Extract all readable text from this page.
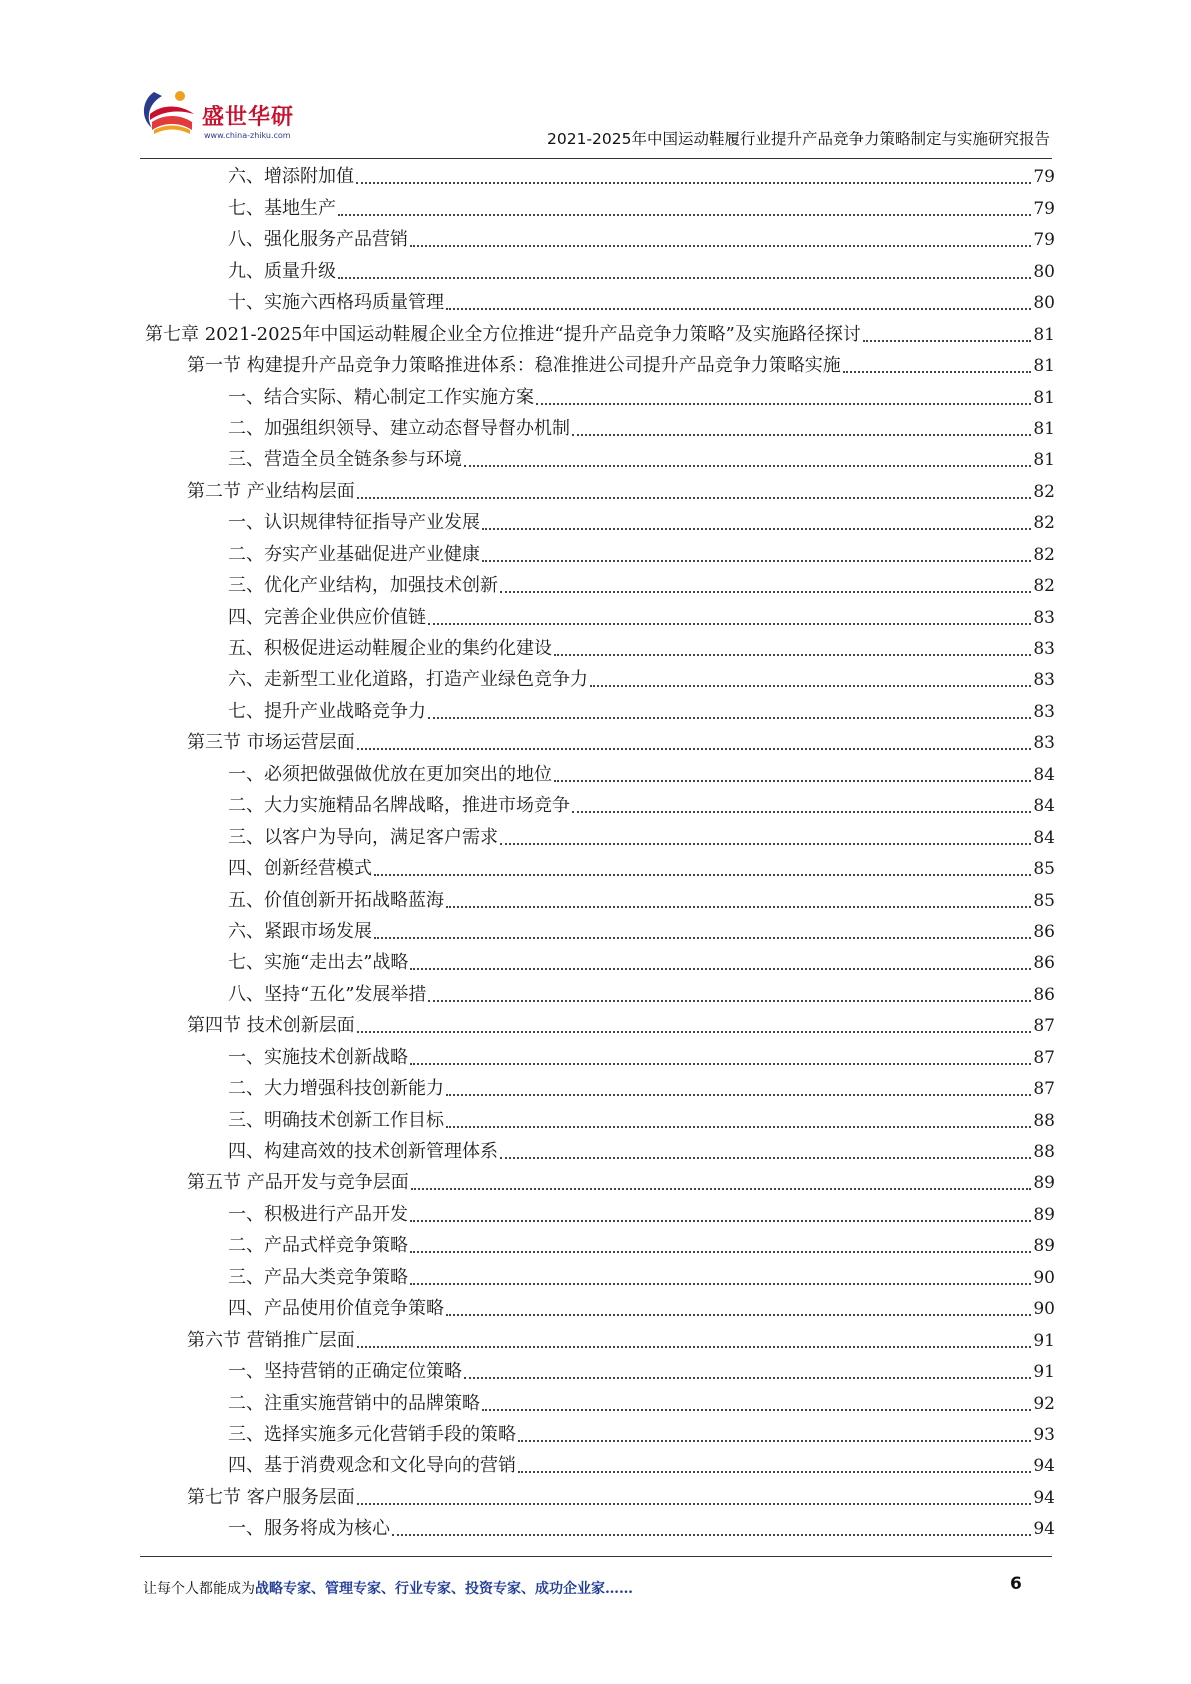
盛世华研
www.china-zhiku.com	2021-2025年中国运动鞋履行业提升产品竞争力策略制定与实施研究报告
六、增添附加值	79
七、基地生产	79
八、强化服务产品营销	79
九、质量升级	80
十、实施六西格玛质量管理	80
第七章 2021-2025年中国运动鞋履企业全方位推进“提升产品竞争力策略”及实施路径探讨	81
第一节 构建提升产品竞争力策略推进体系：稳准推进公司提升产品竞争力策略实施	81
一、结合实际、精心制定工作实施方案	81
二、加强组织领导、建立动态督导督办机制	81
三、营造全员全链条参与环境	81
第二节 产业结构层面	82
一、认识规律特征指导产业发展	82
二、夯实产业基础促进产业健康	82
三、优化产业结构，加强技术创新	82
四、完善企业供应价值链	83
五、积极促进运动鞋履企业的集约化建设	83
六、走新型工业化道路，打造产业绿色竞争力	83
七、提升产业战略竞争力	83
第三节 市场运营层面	83
一、必须把做强做优放在更加突出的地位	84
二、大力实施精品名牌战略，推进市场竞争	84
三、以客户为导向，满足客户需求	84
四、创新经营模式	85
五、价值创新开拓战略蓝海	85
六、紧跟市场发展	86
七、实施“走出去”战略	86
八、坚持“五化”发展举措	86
第四节 技术创新层面	87
一、实施技术创新战略	87
二、大力增强科技创新能力	87
三、明确技术创新工作目标	88
四、构建高效的技术创新管理体系	88
第五节 产品开发与竞争层面	89
一、积极进行产品开发	89
二、产品式样竞争策略	89
三、产品大类竞争策略	90
四、产品使用价值竞争策略	90
第六节 营销推广层面	91
一、坚持营销的正确定位策略	91
二、注重实施营销中的品牌策略	92
三、选择实施多元化营销手段的策略	93
四、基于消费观念和文化导向的营销	94
第七节 客户服务层面	94
一、服务将成为核心	94
让每个人都能成为战略专家、管理专家、行业专家、投资专家、成功企业家……	6
